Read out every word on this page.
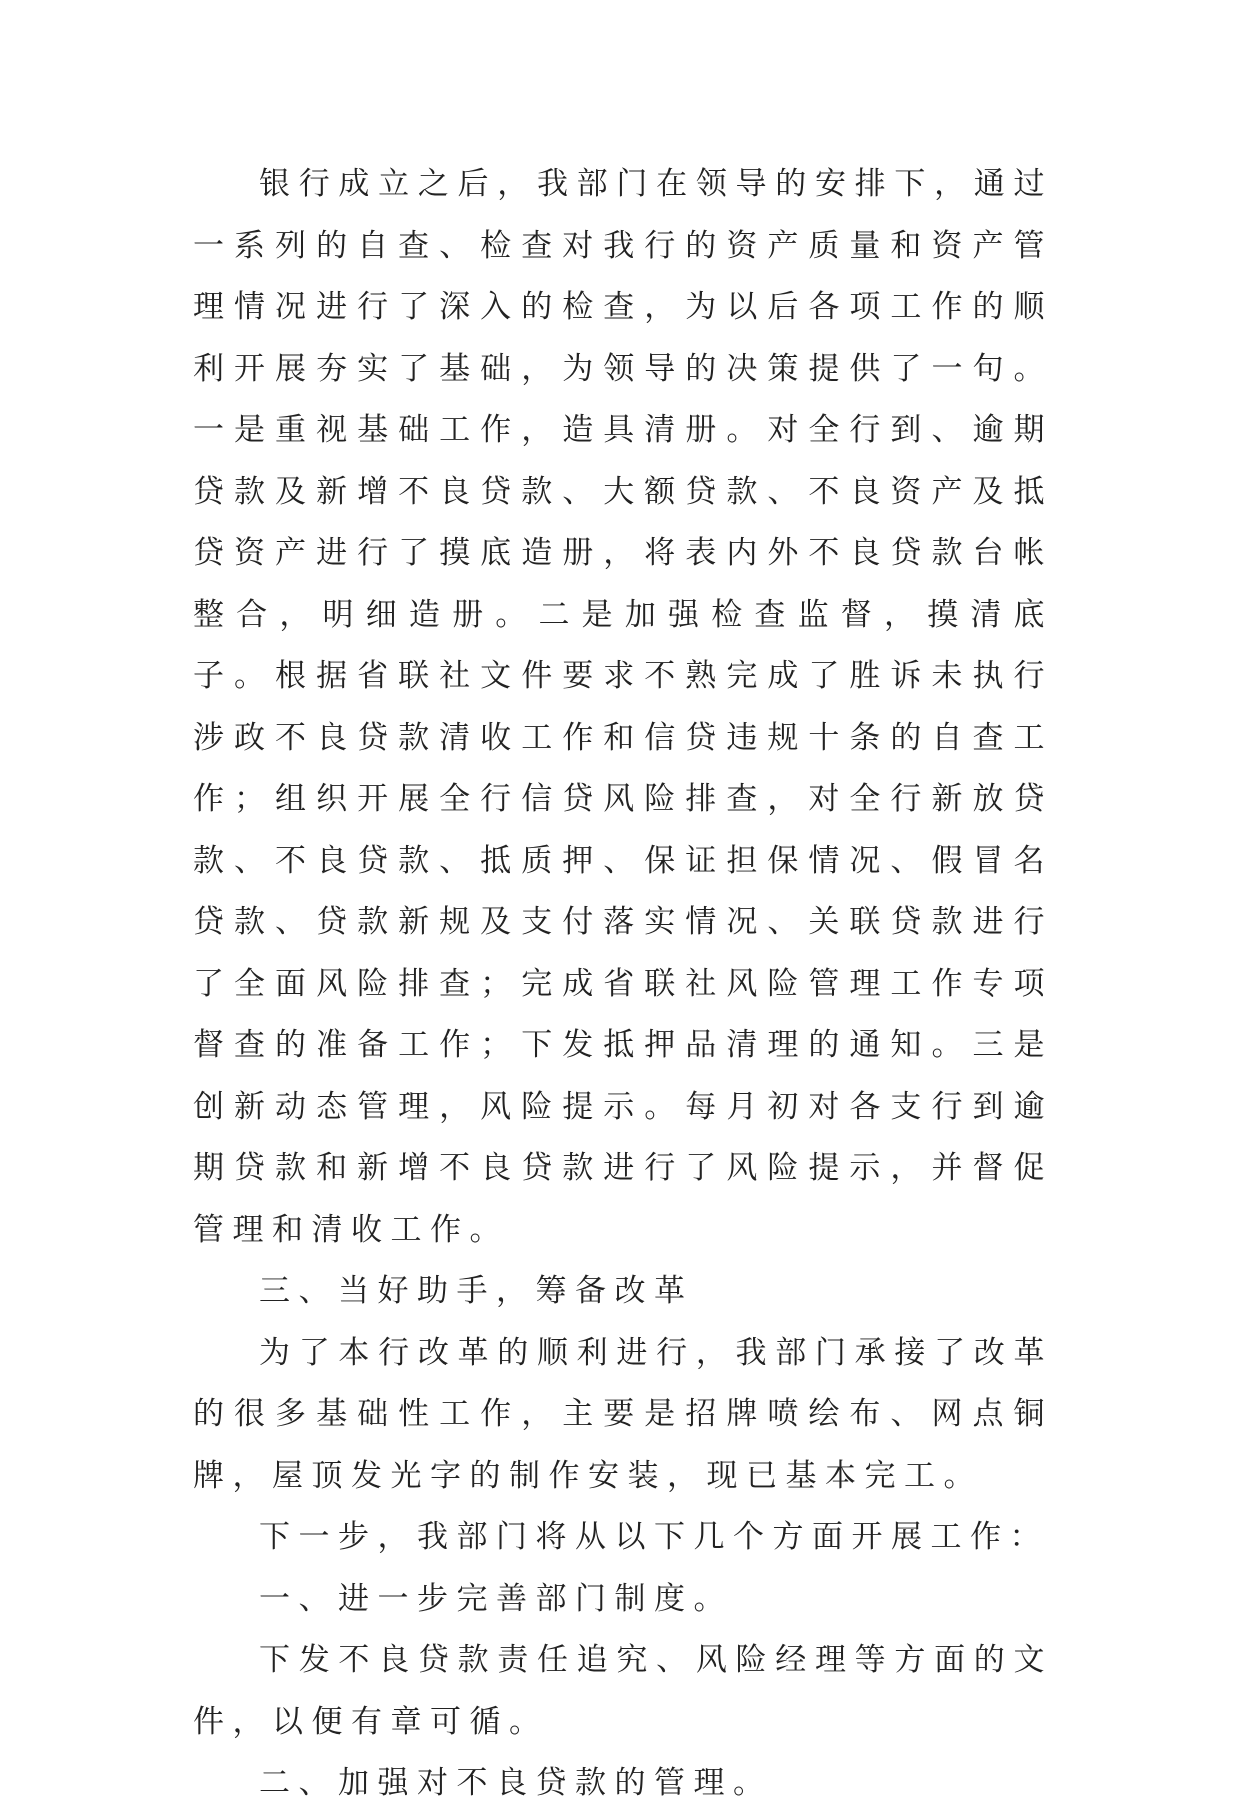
银行成立之后，我部门在领导的安排下，通过一系列的自查、检查对我行的资产质量和资产管理情况进行了深入的检查，为以后各项工作的顺利开展夯实了基础，为领导的决策提供了一句。一是重视基础工作，造具清册。对全行到、逾期贷款及新增不良贷款、大额贷款、不良资产及抵贷资产进行了摸底造册，将表内外不良贷款台帐整合，明细造册。二是加强检查监督，摸清底子。根据省联社文件要求不熟完成了胜诉未执行涉政不良贷款清收工作和信贷违规十条的自查工作；组织开展全行信贷风险排查，对全行新放贷款、不良贷款、抵质押、保证担保情况、假冒名贷款、贷款新规及支付落实情况、关联贷款进行了全面风险排查；完成省联社风险管理工作专项督查的准备工作；下发抵押品清理的通知。三是创新动态管理，风险提示。每月初对各支行到逾期贷款和新增不良贷款进行了风险提示，并督促管理和清收工作。

三、当好助手，筹备改革

为了本行改革的顺利进行，我部门承接了改革的很多基础性工作，主要是招牌喷绘布、网点铜牌，屋顶发光字的制作安装，现已基本完工。

下一步，我部门将从以下几个方面开展工作：

一、进一步完善部门制度。

下发不良贷款责任追究、风险经理等方面的文件，以便有章可循。

二、加强对不良贷款的管理。
